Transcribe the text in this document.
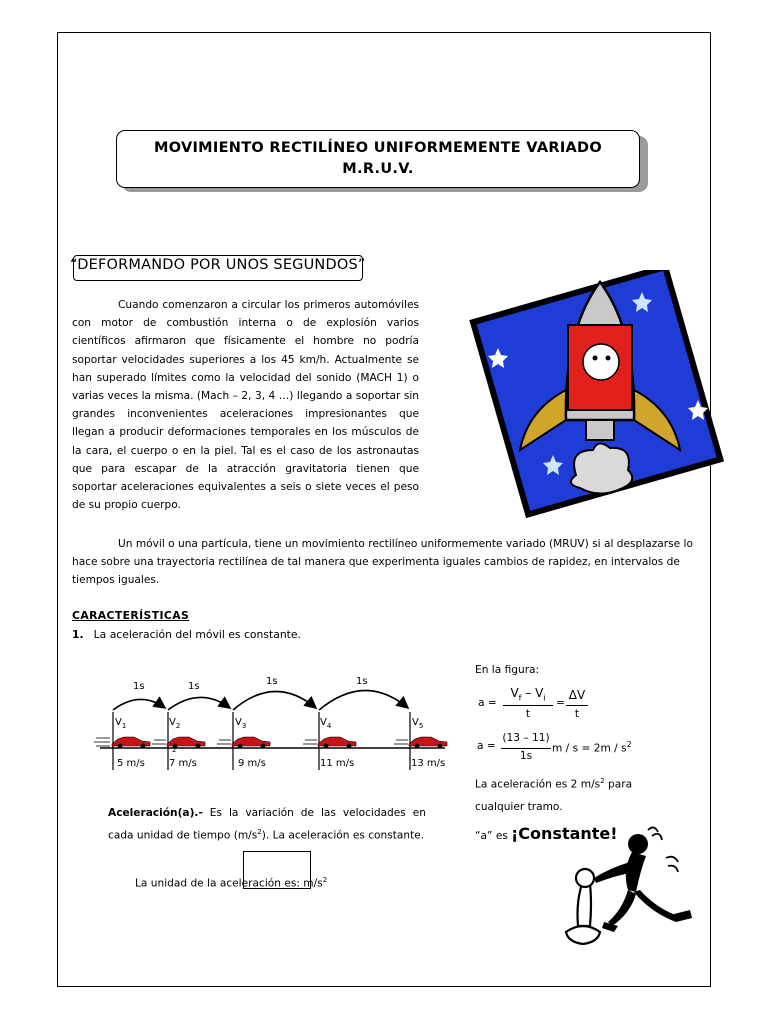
MOVIMIENTO RECTILÍNEO UNIFORMEMENTE VARIADO
M.R.U.V.
“DEFORMANDO POR UNOS SEGUNDOS”
Cuando comenzaron a circular los primeros automóviles con motor de combustión interna o de explosión varios científicos afirmaron que físicamente el hombre no podría soportar velocidades superiores a los 45 km/h. Actualmente se han superado límites como la velocidad del sonido (MACH 1) o varias veces la misma. (Mach – 2, 3, 4 …) llegando a soportar sin grandes inconvenientes aceleraciones impresionantes que llegan a producir deformaciones temporales en los músculos de la cara, el cuerpo o en la piel. Tal es el caso de los astronautas que para escapar de la atracción gravitatoria tienen que soportar aceleraciones equivalentes a seis o siete veces el peso de su propio cuerpo.
Un móvil o una partícula, tiene un movimiento rectilíneo uniformemente variado (MRUV) si al desplazarse lo hace sobre una trayectoria rectilínea de tal manera que experimenta iguales cambios de rapidez, en intervalos de tiempos iguales.
CARACTERÍSTICAS
1. La aceleración del móvil es constante.
1s	1s	1s	1s
$V_1$	$V_2$	$V_3$	$V_4$	$V_5$
2
5 m/s 7 m/s	9 m/s	11 m/s	13 m/s
En la figura:
a =
$V_f - V_i$
t
=
ΔV
t
a =
(13 – 11)
1s
$m / s = 2m / s^2$
La aceleración es 2 $m/s^2$ para
cualquier tramo.
“a” es ¡Constante!
Aceleración(a).- Es la variación de las velocidades en cada unidad de tiempo $(m/s^2)$. La aceleración es constante.
La unidad de la aceleración es: $m/s^2$
